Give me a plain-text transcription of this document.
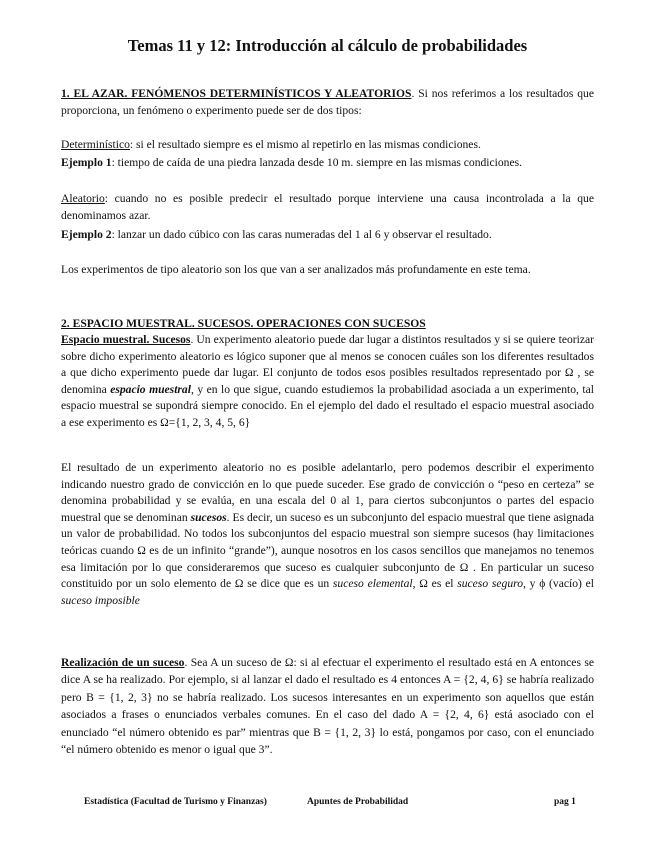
Temas 11 y 12: Introducción al cálculo de probabilidades

1. EL AZAR. FENÓMENOS DETERMINÍSTICOS Y ALEATORIOS. Si nos referimos a los resultados que proporciona, un fenómeno o experimento puede ser de dos tipos:

Determinístico: si el resultado siempre es el mismo al repetirlo en las mismas condiciones.

Ejemplo 1: tiempo de caída de una piedra lanzada desde 10 m. siempre en las mismas condiciones.

Aleatorio: cuando no es posible predecir el resultado porque interviene una causa incontrolada a la que denominamos azar.

Ejemplo 2: lanzar un dado cúbico con las caras numeradas del 1 al 6 y observar el resultado.

Los experimentos de tipo aleatorio son los que van a ser analizados más profundamente en este tema.

2. ESPACIO MUESTRAL. SUCESOS. OPERACIONES CON SUCESOS

Espacio muestral. Sucesos. Un experimento aleatorio puede dar lugar a distintos resultados y si se quiere teorizar sobre dicho experimento aleatorio es lógico suponer que al menos se conocen cuáles son los diferentes resultados a que dicho experimento puede dar lugar. El conjunto de todos esos posibles resultados representado por Ω , se denomina espacio muestral, y en lo que sigue, cuando estudiemos la probabilidad asociada a un experimento, tal espacio muestral se supondrá siempre conocido. En el ejemplo del dado el resultado el espacio muestral asociado a ese experimento es Ω={1, 2, 3, 4, 5, 6}

El resultado de un experimento aleatorio no es posible adelantarlo, pero podemos describir el experimento indicando nuestro grado de convicción en lo que puede suceder. Ese grado de convicción o “peso en certeza” se denomina probabilidad y se evalúa, en una escala del 0 al 1, para ciertos subconjuntos o partes del espacio muestral que se denominan sucesos. Es decir, un suceso es un subconjunto del espacio muestral que tiene asignada un valor de probabilidad. No todos los subconjuntos del espacio muestral son siempre sucesos (hay limitaciones teóricas cuando Ω es de un infinito “grande”), aunque nosotros en los casos sencillos que manejamos no tenemos esa limitación por lo que consideraremos que suceso es cualquier subconjunto de Ω . En particular un suceso constituido por un solo elemento de Ω se dice que es un suceso elemental, Ω es el suceso seguro, y ϕ (vacío) el suceso imposible

Realización de un suceso. Sea A un suceso de Ω: si al efectuar el experimento el resultado está en A entonces se dice A se ha realizado. Por ejemplo, si al lanzar el dado el resultado es 4 entonces A = {2, 4, 6} se habría realizado pero B = {1, 2, 3} no se habría realizado. Los sucesos interesantes en un experimento son aquellos que están asociados a frases o enunciados verbales comunes. En el caso del dado A = {2, 4, 6} está asociado con el enunciado “el número obtenido es par” mientras que B = {1, 2, 3} lo está, pongamos por caso, con el enunciado “el número obtenido es menor o igual que 3”.

Estadística (Facultad de Turismo y Finanzas)	Apuntes de Probabilidad	pag 1
